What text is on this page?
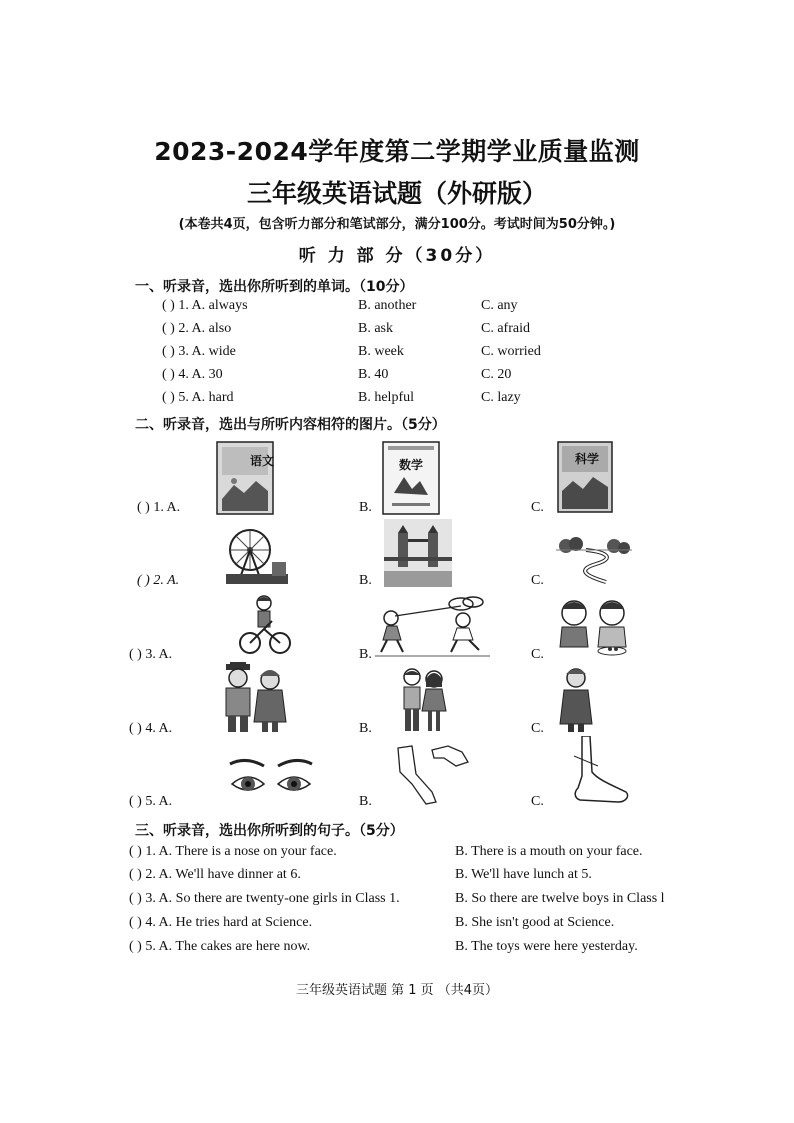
2023-2024学年度第二学期学业质量监测
三年级英语试题（外研版）
(本卷共4页，包含听力部分和笔试部分，满分100分。考试时间为50分钟。)
听 力 部 分（30分）
一、听录音，选出你所听到的单词。（10分）
( ) 1. A. always	B. another	C. any
( ) 2. A. also	B. ask	C. afraid
( ) 3. A. wide	B. week	C. worried
( ) 4. A. 30	B. 40	C. 20
( ) 5. A. hard	B. helpful	C. lazy
二、听录音，选出与所听内容相符的图片。（5分）
( ) 1. A.	B.	C.
语文	数学	科学
( ) 2. A.	B.	C.
( ) 3. A.	B.	C.
( ) 4. A.	B.	C.
( ) 5. A.	B.	C.
三、听录音，选出你所听到的句子。（5分）
( ) 1. A. There is a nose on your face.	B. There is a mouth on your face.
( ) 2. A. We'll have dinner at 6.	B. We'll have lunch at 5.
( ) 3. A. So there are twenty-one girls in Class 1.	B. So there are twelve boys in Class l
( ) 4. A. He tries hard at Science.	B. She isn't good at Science.
( ) 5. A. The cakes are here now.	B. The toys were here yesterday.
三年级英语试题 第 1 页 （共4页）
